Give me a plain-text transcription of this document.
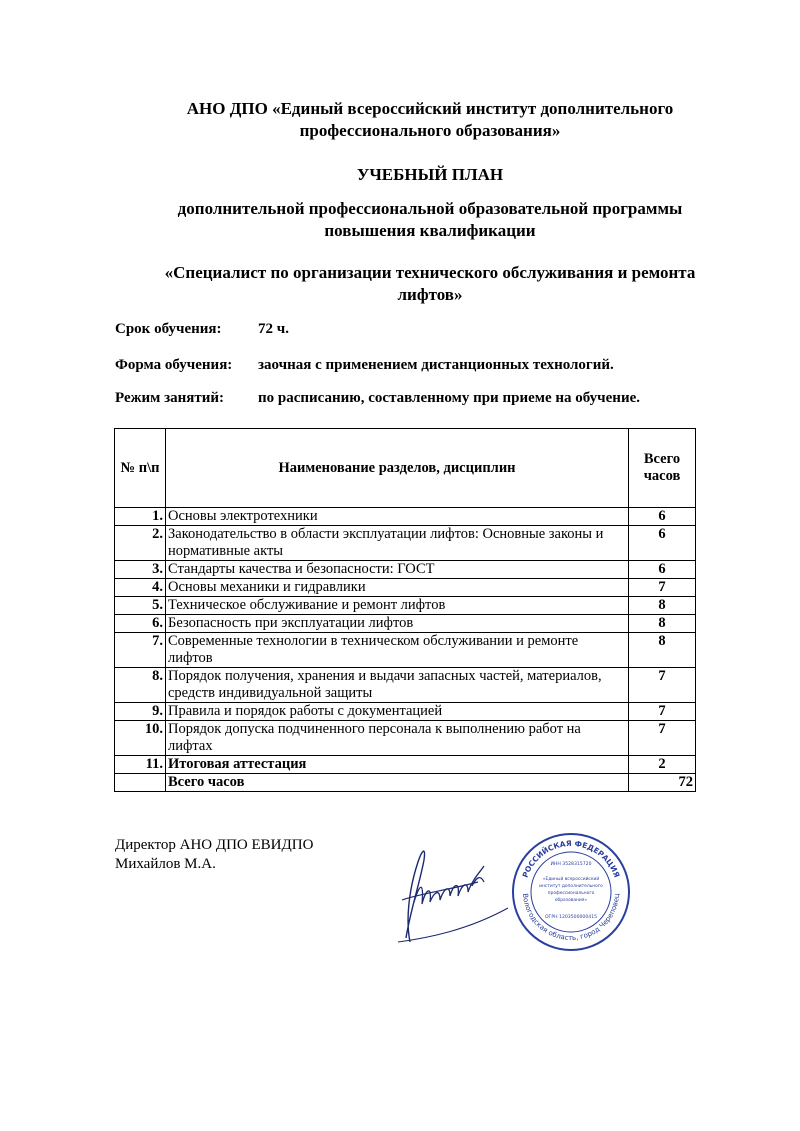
АНО ДПО «Единый всероссийский институт дополнительного
профессионального образования»
УЧЕБНЫЙ ПЛАН
дополнительной профессиональной образовательной программы
повышения квалификации
«Специалист по организации технического обслуживания и ремонта
лифтов»
Срок обучения: 72 ч.
Форма обучения: заочная с применением дистанционных технологий.
Режим занятий: по расписанию, составленному при приеме на обучение.
№ п\п	Наименование разделов, дисциплин	Всего
часов

1.	Основы электротехники	6
2.	Законодательство в области эксплуатации лифтов: Основные законы и нормативные акты	6
3.	Стандарты качества и безопасности: ГОСТ	6
4.	Основы механики и гидравлики	7
5.	Техническое обслуживание и ремонт лифтов	8
6.	Безопасность при эксплуатации лифтов	8
7.	Современные технологии в техническом обслуживании и ремонте лифтов	8
8.	Порядок получения, хранения и выдачи запасных частей, материалов, средств индивидуальной защиты	7
9.	Правила и порядок работы с документацией	7
10.	Порядок допуска подчиненного персонала к выполнению работ на лифтах	7
11.	Итоговая аттестация	2
	Всего часов	72
Директор АНО ДПО ЕВИДПО
Михайлов М.А.
РОССИЙСКАЯ ФЕДЕРАЦИЯ
Вологодская область, город Череповец
ИНН 3528315720
«Единый всероссийский
институт дополнительного
профессионального
образования»
ОГРН 1203500000415
